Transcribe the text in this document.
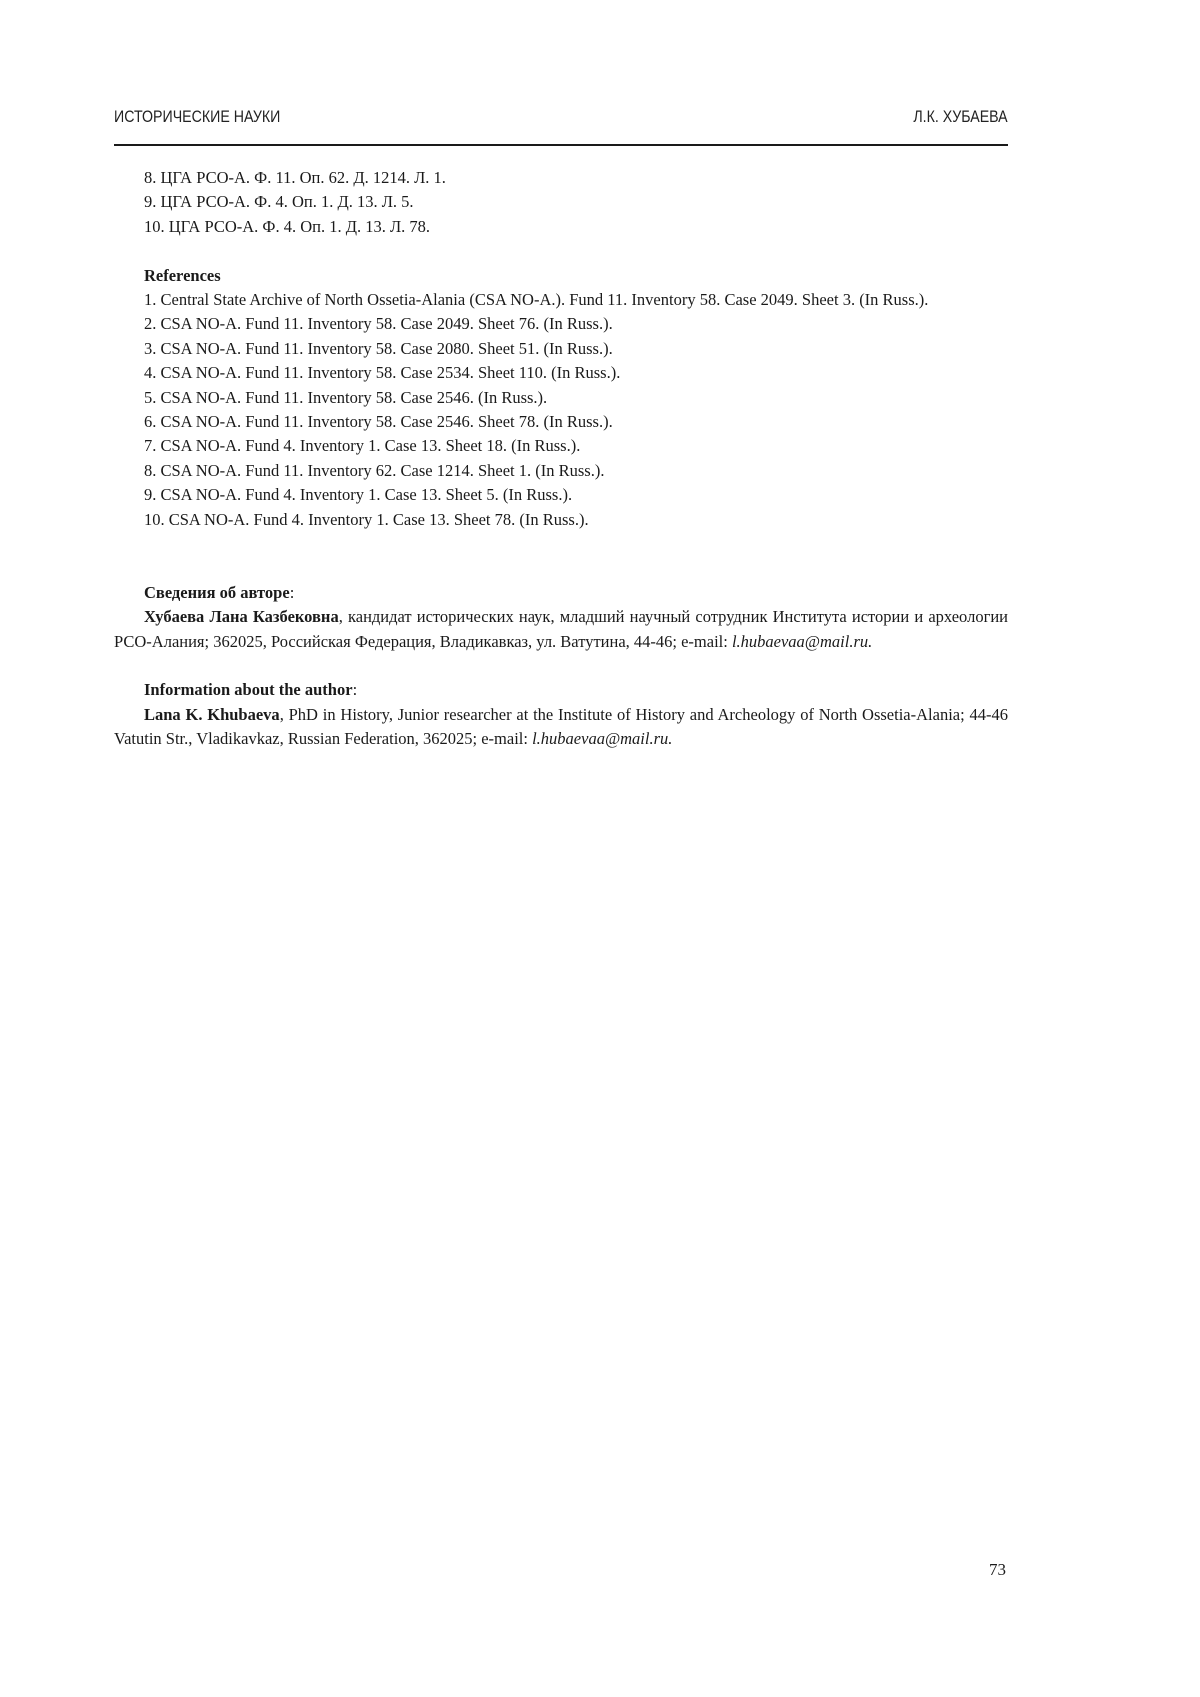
ИСТОРИЧЕСКИЕ НАУКИ	Л.К. ХУБАЕВА
8. ЦГА РСО-А. Ф. 11. Оп. 62. Д. 1214. Л. 1.
9. ЦГА РСО-А. Ф. 4. Оп. 1. Д. 13. Л. 5.
10. ЦГА РСО-А. Ф. 4. Оп. 1. Д. 13. Л. 78.
References
1. Central State Archive of North Ossetia-Alania (CSA NO-A.). Fund 11. Inventory 58. Case 2049. Sheet 3. (In Russ.).
2. CSA NO-A. Fund 11. Inventory 58. Case 2049. Sheet 76. (In Russ.).
3. CSA NO-A. Fund 11. Inventory 58. Case 2080. Sheet 51. (In Russ.).
4. CSA NO-A. Fund 11. Inventory 58. Case 2534. Sheet 110. (In Russ.).
5. CSA NO-A. Fund 11. Inventory 58. Case 2546. (In Russ.).
6. CSA NO-A. Fund 11. Inventory 58. Case 2546. Sheet 78. (In Russ.).
7. CSA NO-A. Fund 4. Inventory 1. Case 13. Sheet 18. (In Russ.).
8. CSA NO-A. Fund 11. Inventory 62. Case 1214. Sheet 1. (In Russ.).
9. CSA NO-A. Fund 4. Inventory 1. Case 13. Sheet 5. (In Russ.).
10. CSA NO-A. Fund 4. Inventory 1. Case 13. Sheet 78. (In Russ.).
Сведения об авторе:
Хубаева Лана Казбековна, кандидат исторических наук, младший научный сотрудник Института истории и археологии РСО-Алания; 362025, Российская Федерация, Владикавказ, ул. Ватутина, 44-46; e-mail: l.hubaevaa@mail.ru.
Information about the author:
Lana K. Khubaeva, PhD in History, Junior researcher at the Institute of History and Archeology of North Ossetia-Alania; 44-46 Vatutin Str., Vladikavkaz, Russian Federation, 362025; e-mail: l.hubaevaa@mail.ru.
73
